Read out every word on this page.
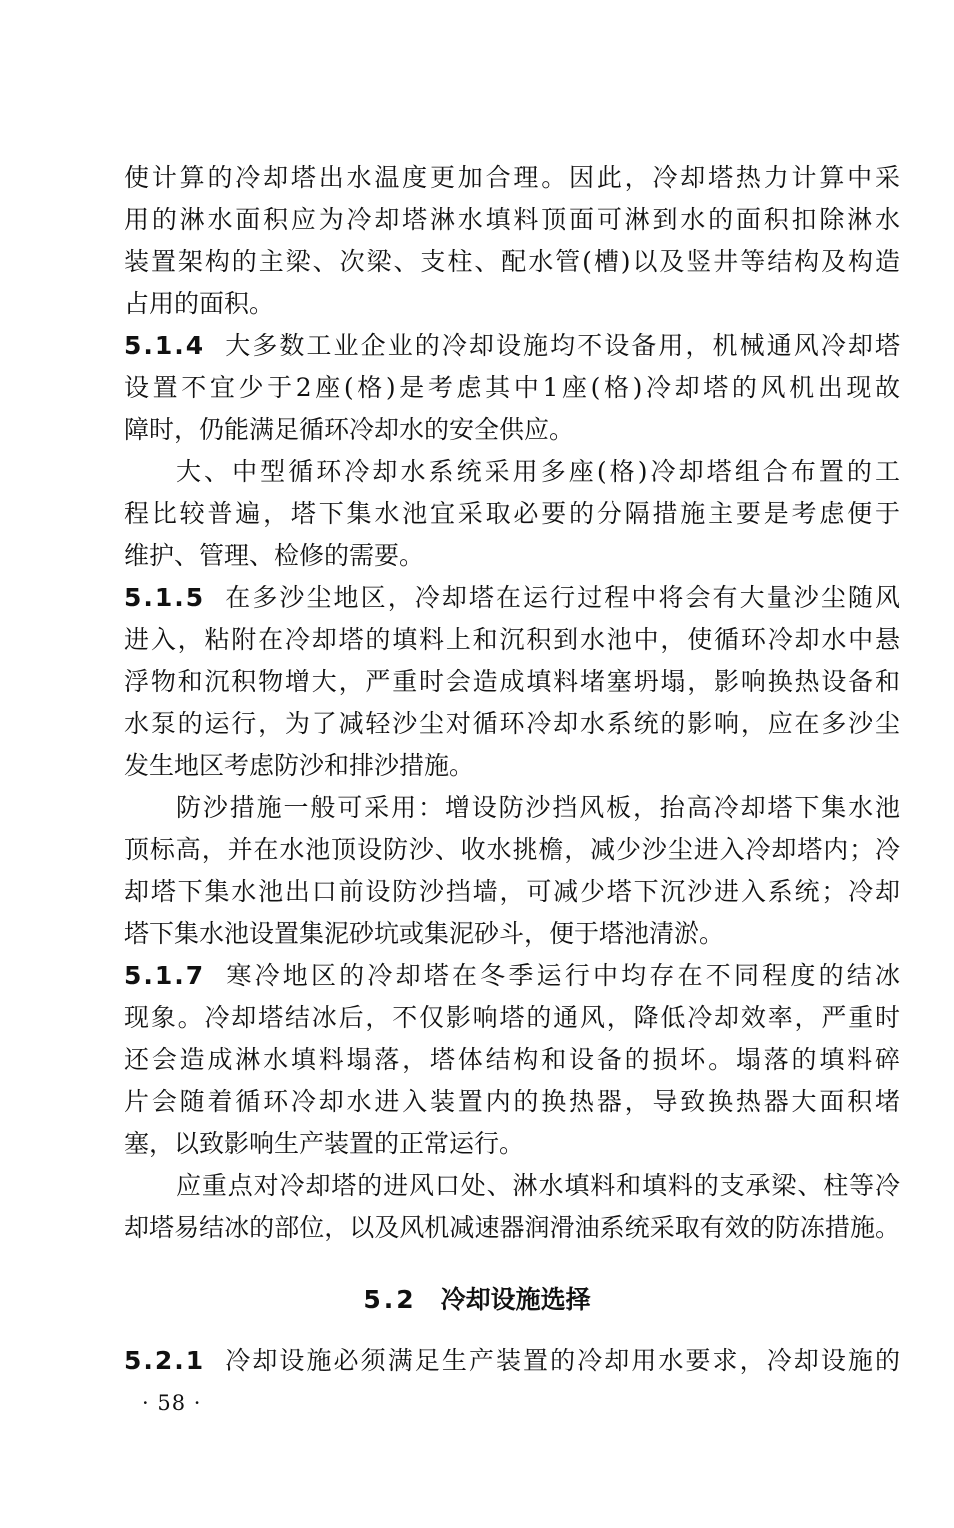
使计算的冷却塔出水温度更加合理。因此，冷却塔热力计算中采
用的淋水面积应为冷却塔淋水填料顶面可淋到水的面积扣除淋水
装置架构的主梁、次梁、支柱、配水管(槽)以及竖井等结构及构造
占用的面积。
5.1.4 大多数工业企业的冷却设施均不设备用，机械通风冷却塔
设置不宜少于2座(格)是考虑其中1座(格)冷却塔的风机出现故
障时，仍能满足循环冷却水的安全供应。
大、中型循环冷却水系统采用多座(格)冷却塔组合布置的工
程比较普遍，塔下集水池宜采取必要的分隔措施主要是考虑便于
维护、管理、检修的需要。
5.1.5 在多沙尘地区，冷却塔在运行过程中将会有大量沙尘随风
进入，粘附在冷却塔的填料上和沉积到水池中，使循环冷却水中悬
浮物和沉积物增大，严重时会造成填料堵塞坍塌，影响换热设备和
水泵的运行，为了减轻沙尘对循环冷却水系统的影响，应在多沙尘
发生地区考虑防沙和排沙措施。
防沙措施一般可采用：增设防沙挡风板，抬高冷却塔下集水池
顶标高，并在水池顶设防沙、收水挑檐，减少沙尘进入冷却塔内；冷
却塔下集水池出口前设防沙挡墙，可减少塔下沉沙进入系统；冷却
塔下集水池设置集泥砂坑或集泥砂斗，便于塔池清淤。
5.1.7 寒冷地区的冷却塔在冬季运行中均存在不同程度的结冰
现象。冷却塔结冰后，不仅影响塔的通风，降低冷却效率，严重时
还会造成淋水填料塌落，塔体结构和设备的损坏。塌落的填料碎
片会随着循环冷却水进入装置内的换热器，导致换热器大面积堵
塞，以致影响生产装置的正常运行。
应重点对冷却塔的进风口处、淋水填料和填料的支承梁、柱等冷
却塔易结冰的部位，以及风机减速器润滑油系统采取有效的防冻措施。
5.2 冷却设施选择
5.2.1 冷却设施必须满足生产装置的冷却用水要求，冷却设施的
· 58 ·
